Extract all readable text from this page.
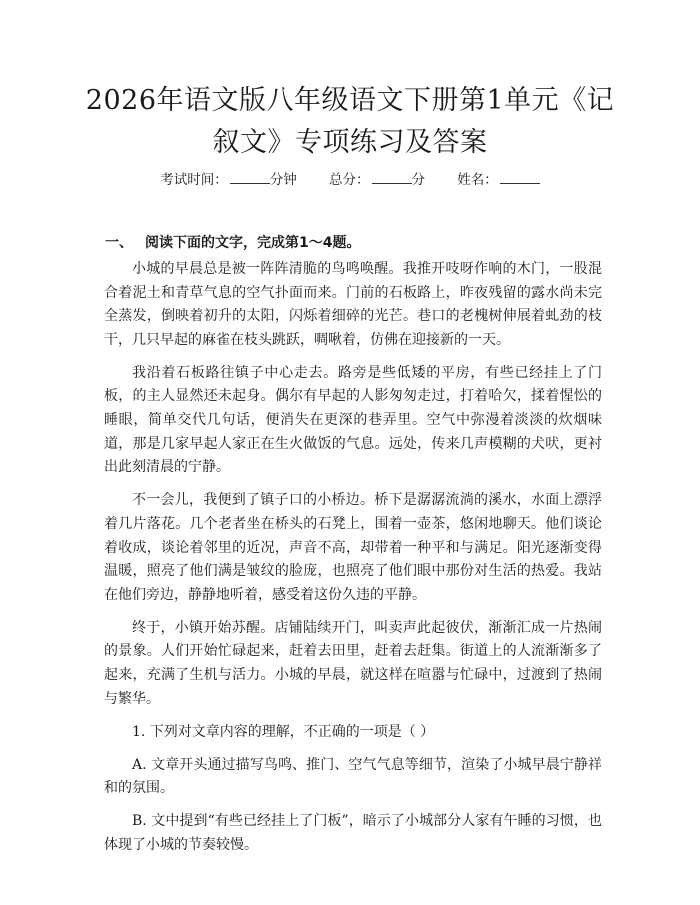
2026年语文版八年级语文下册第1单元《记叙文》专项练习及答案
考试时间：	分钟 总分：	分 姓名：
一、 阅读下面的文字，完成第1～4题。

小城的早晨总是被一阵阵清脆的鸟鸣唤醒。我推开吱呀作响的木门，一股混合着泥土和青草气息的空气扑面而来。门前的石板路上，昨夜残留的露水尚未完全蒸发，倒映着初升的太阳，闪烁着细碎的光芒。巷口的老槐树伸展着虬劲的枝干，几只早起的麻雀在枝头跳跃，啁啾着，仿佛在迎接新的一天。

我沿着石板路往镇子中心走去。路旁是些低矮的平房，有些已经挂上了门板，的主人显然还未起身。偶尔有早起的人影匆匆走过，打着哈欠，揉着惺忪的睡眼，简单交代几句话，便消失在更深的巷弄里。空气中弥漫着淡淡的炊烟味道，那是几家早起人家正在生火做饭的气息。远处，传来几声模糊的犬吠，更衬出此刻清晨的宁静。

不一会儿，我便到了镇子口的小桥边。桥下是潺潺流淌的溪水，水面上漂浮着几片落花。几个老者坐在桥头的石凳上，围着一壶茶，悠闲地聊天。他们谈论着收成，谈论着邻里的近况，声音不高，却带着一种平和与满足。阳光逐渐变得温暖，照亮了他们满是皱纹的脸庞，也照亮了他们眼中那份对生活的热爱。我站在他们旁边，静静地听着，感受着这份久违的平静。

终于，小镇开始苏醒。店铺陆续开门，叫卖声此起彼伏，渐渐汇成一片热闹的景象。人们开始忙碌起来，赶着去田里，赶着去赶集。街道上的人流渐渐多了起来，充满了生机与活力。小城的早晨，就这样在喧嚣与忙碌中，过渡到了热闹与繁华。

1. 下列对文章内容的理解，不正确的一项是（ ）

A. 文章开头通过描写鸟鸣、推门、空气气息等细节，渲染了小城早晨宁静祥和的氛围。

B. 文中提到“有些已经挂上了门板”，暗示了小城部分人家有午睡的习惯，也体现了小城的节奏较慢。
